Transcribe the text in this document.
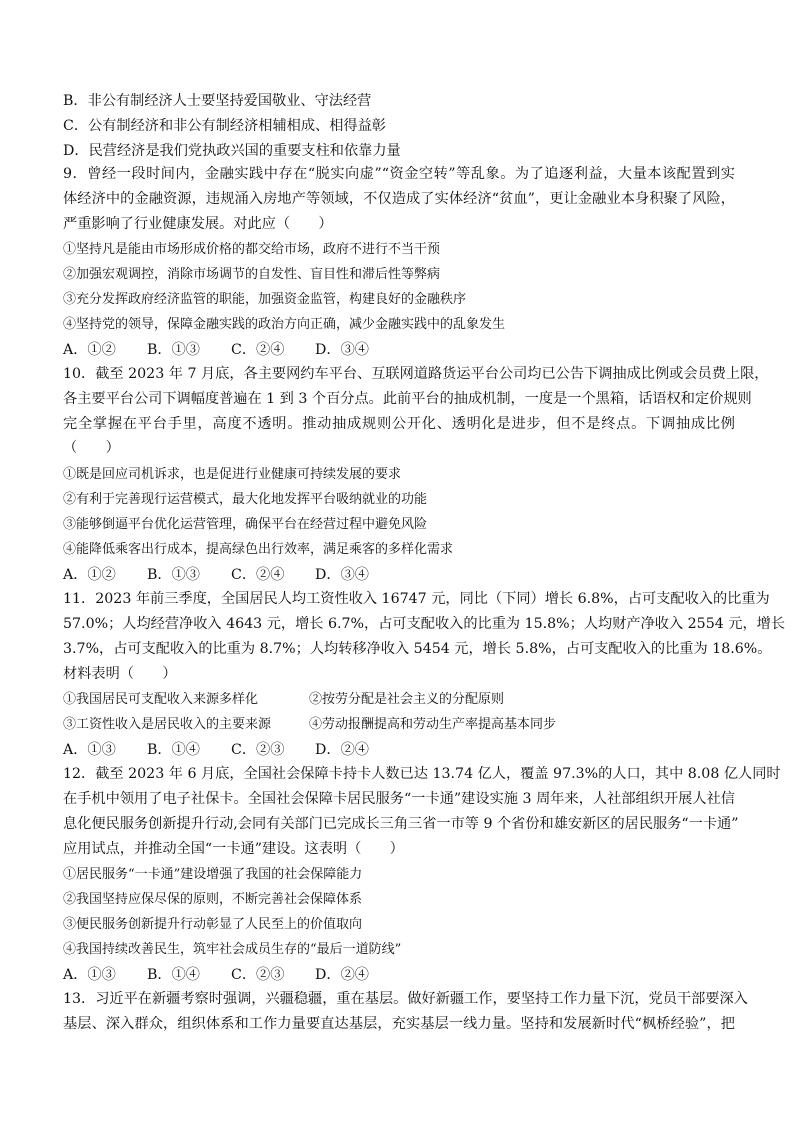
B．非公有制经济人士要坚持爱国敬业、守法经营
C．公有制经济和非公有制经济相辅相成、相得益彰
D．民营经济是我们党执政兴国的重要支柱和依靠力量
9．曾经一段时间内，金融实践中存在“脱实向虚”“资金空转”等乱象。为了追逐利益，大量本该配置到实
体经济中的金融资源，违规涌入房地产等领域，不仅造成了实体经济“贫血”，更让金融业本身积聚了风险，
严重影响了行业健康发展。对此应（　　）
①坚持凡是能由市场形成价格的都交给市场，政府不进行不当干预
②加强宏观调控，消除市场调节的自发性、盲目性和滞后性等弊病
③充分发挥政府经济监管的职能，加强资金监管，构建良好的金融秩序
④坚持党的领导，保障金融实践的政治方向正确，减少金融实践中的乱象发生
A．①②	B．①③	C．②④	D．③④
10．截至 2023 年 7 月底，各主要网约车平台、互联网道路货运平台公司均已公告下调抽成比例或会员费上限，
各主要平台公司下调幅度普遍在 1 到 3 个百分点。此前平台的抽成机制，一度是一个黑箱，话语权和定价规则
完全掌握在平台手里，高度不透明。推动抽成规则公开化、透明化是进步，但不是终点。下调抽成比例
（　　）
①既是回应司机诉求，也是促进行业健康可持续发展的要求
②有利于完善现行运营模式，最大化地发挥平台吸纳就业的功能
③能够倒逼平台优化运营管理，确保平台在经营过程中避免风险
④能降低乘客出行成本，提高绿色出行效率，满足乘客的多样化需求
A．①②	B．①③	C．②④	D．③④
11．2023 年前三季度，全国居民人均工资性收入 16747 元，同比（下同）增长 6.8%，占可支配收入的比重为
57.0%；人均经营净收入 4643 元，增长 6.7%，占可支配收入的比重为 15.8%；人均财产净收入 2554 元，增长
3.7%，占可支配收入的比重为 8.7%；人均转移净收入 5454 元，增长 5.8%，占可支配收入的比重为 18.6%。
材料表明（　　）
①我国居民可支配收入来源多样化	②按劳分配是社会主义的分配原则
③工资性收入是居民收入的主要来源	④劳动报酬提高和劳动生产率提高基本同步
A．①③	B．①④	C．②③	D．②④
12．截至 2023 年 6 月底，全国社会保障卡持卡人数已达 13.74 亿人，覆盖 97.3%的人口，其中 8.08 亿人同时
在手机中领用了电子社保卡。全国社会保障卡居民服务“一卡通”建设实施 3 周年来，人社部组织开展人社信
息化便民服务创新提升行动,会同有关部门已完成长三角三省一市等 9 个省份和雄安新区的居民服务“一卡通”
应用试点，并推动全国“一卡通”建设。这表明（　　）
①居民服务“一卡通”建设增强了我国的社会保障能力
②我国坚持应保尽保的原则，不断完善社会保障体系
③便民服务创新提升行动彰显了人民至上的价值取向
④我国持续改善民生，筑牢社会成员生存的“最后一道防线”
A．①③	B．①④	C．②③	D．②④
13．习近平在新疆考察时强调，兴疆稳疆，重在基层。做好新疆工作，要坚持工作力量下沉，党员干部要深入
基层、深入群众，组织体系和工作力量要直达基层，充实基层一线力量。坚持和发展新时代“枫桥经验”，把
